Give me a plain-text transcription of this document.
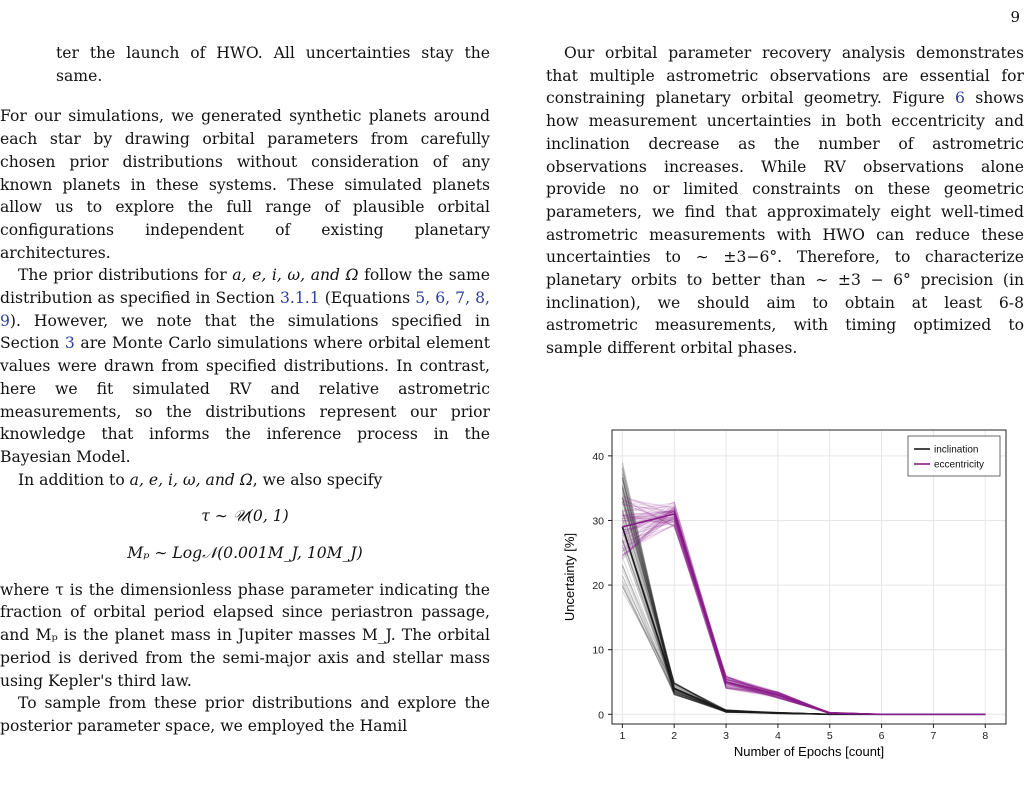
9

ter the launch of HWO. All uncertainties stay the same.

For our simulations, we generated synthetic planets around each star by drawing orbital parameters from carefully chosen prior distributions without consideration of any known planets in these systems. These simulated planets allow us to explore the full range of plausible orbital configurations independent of existing planetary architectures.

The prior distributions for a, e, i, ω, and Ω follow the same distribution as specified in Section 3.1.1 (Equations 5, 6, 7, 8, 9). However, we note that the simulations specified in Section 3 are Monte Carlo simulations where orbital element values were drawn from specified distributions. In contrast, here we fit simulated RV and relative astrometric measurements, so the distributions represent our prior knowledge that informs the inference process in the Bayesian Model.

In addition to a, e, i, ω, and Ω, we also specify

τ ∼ 𝒰(0, 1)

Mₚ ∼ Log𝒩(0.001M_J, 10M_J)

where τ is the dimensionless phase parameter indicating the fraction of orbital period elapsed since periastron passage, and Mₚ is the planet mass in Jupiter masses M_J. The orbital period is derived from the semi-major axis and stellar mass using Kepler's third law.

To sample from these prior distributions and explore the posterior parameter space, we employed the Hamil

Our orbital parameter recovery analysis demonstrates that multiple astrometric observations are essential for constraining planetary orbital geometry. Figure 6 shows how measurement uncertainties in both eccentricity and inclination decrease as the number of astrometric observations increases. While RV observations alone provide no or limited constraints on these geometric parameters, we find that approximately eight well-timed astrometric measurements with HWO can reduce these uncertainties to ∼ ±3−6°. Therefore, to characterize planetary orbits to better than ∼ ±3 − 6° precision (in inclination), we should aim to obtain at least 6-8 astrometric measurements, with timing optimized to sample different orbital phases.

1	2	3	4	5	6	7	8
0
10
20
30
40
Number of Epochs [count]
Uncertainty [%]
inclination
eccentricity
